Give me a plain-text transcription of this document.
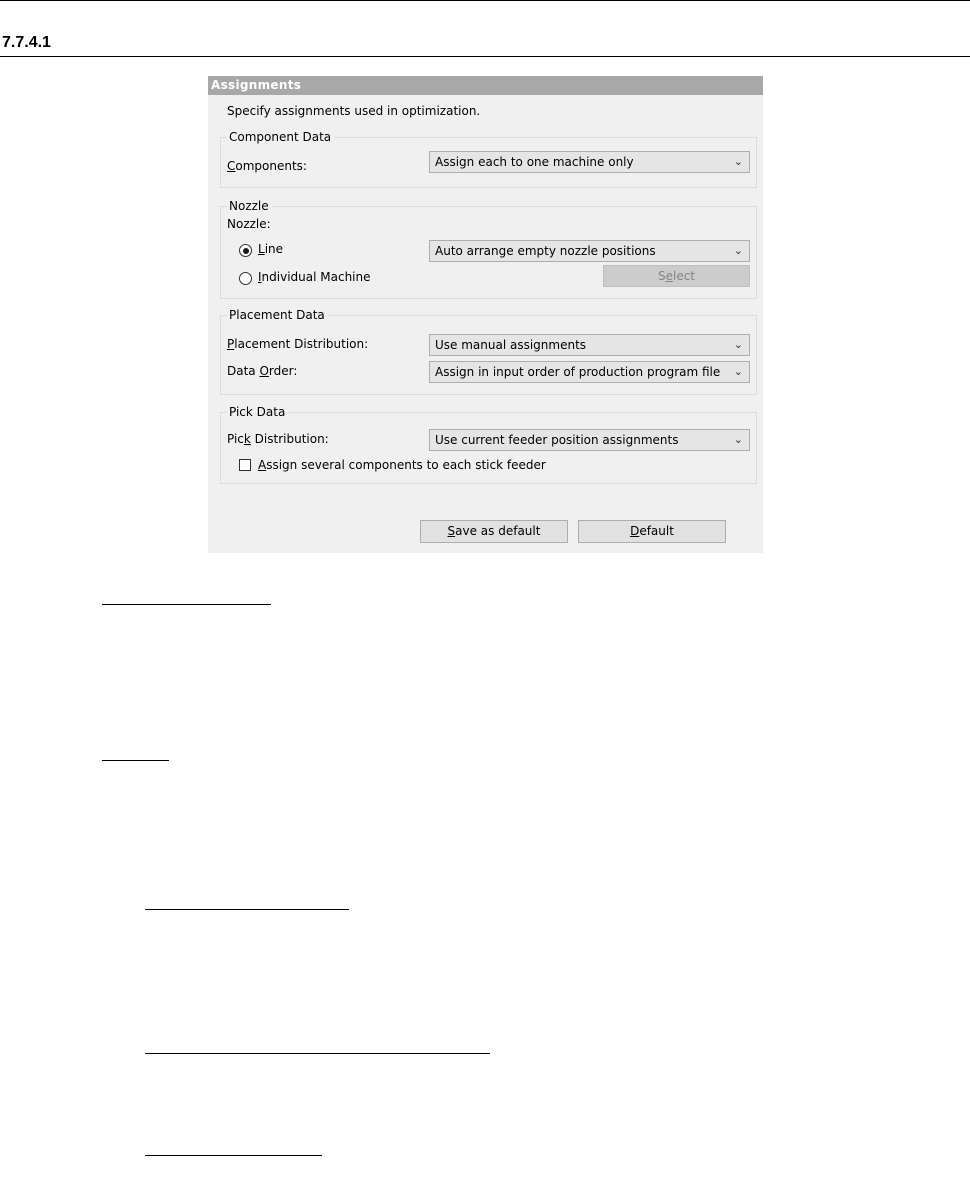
7.7.4.1
Assignments
Specify assignments used in optimization.
Component Data
Components:	Assign each to one machine only	⌄
Nozzle
Nozzle:
Line	Auto arrange empty nozzle positions	⌄
Individual Machine	Select
Placement Data
Placement Distribution:	Use manual assignments	⌄
Data Order:	Assign in input order of production program file ⌄
Pick Data
Pick Distribution:	Use current feeder position assignments	⌄
Assign several components to each stick feeder
Save as default	Default
